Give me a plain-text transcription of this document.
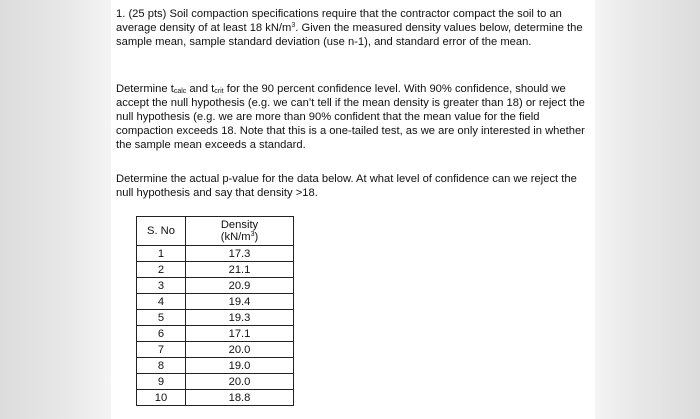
1. (25 pts) Soil compaction specifications require that the contractor compact the soil to an average density of at least 18 $kN/m^3$. Given the measured density values below, determine the sample mean, sample standard deviation (use n-1), and standard error of the mean.

Determine $t_{calc}$ and $t_{crit}$ for the 90 percent confidence level. With 90% confidence, should we accept the null hypothesis (e.g. we can’t tell if the mean density is greater than 18) or reject the null hypothesis (e.g. we are more than 90% confident that the mean value for the field compaction exceeds 18. Note that this is a one-tailed test, as we are only interested in whether the sample mean exceeds a standard.

Determine the actual p-value for the data below. At what level of confidence can we reject the null hypothesis and say that density >18.

S. No	Density
$(kN/m^3)$
1	17.3
2	21.1
3	20.9
4	19.4
5	19.3
6	17.1
7	20.0
8	19.0
9	20.0
10	18.8
